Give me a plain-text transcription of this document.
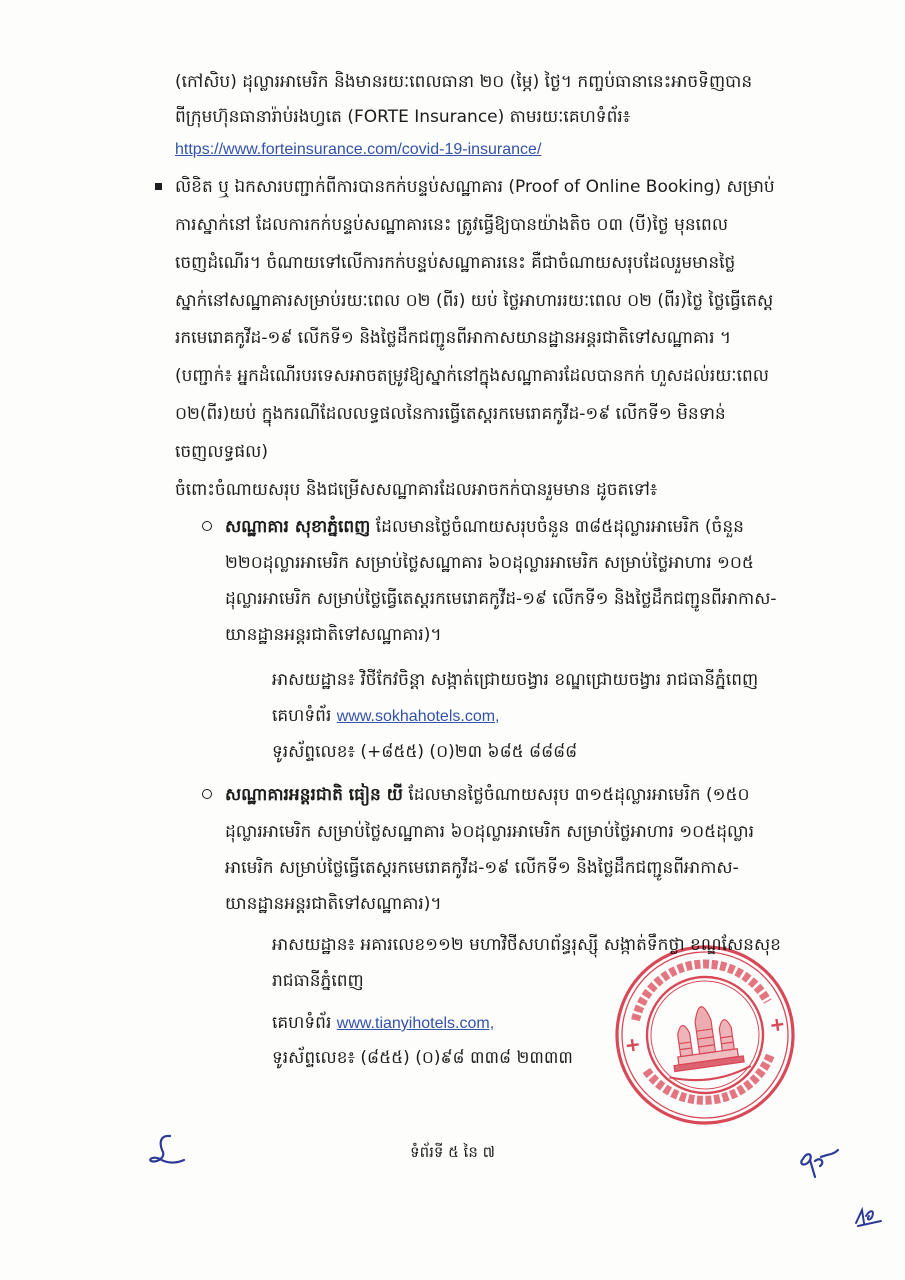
(កៅសិប) ដុល្លារអាមេរិក និងមានរយៈពេលធានា ២០ (ម្ភៃ) ថ្ងៃ។ កញ្ចប់ធានានេះអាចទិញបាន
ពីក្រុមហ៊ុនធានារ៉ាប់រងហ្វតេ (FORTE Insurance) តាមរយៈគេហទំព័រ៖
https://www.forteinsurance.com/covid-19-insurance/
លិខិត ឬ ឯកសារបញ្ជាក់ពីការបានកក់បន្ទប់សណ្ឋាគារ (Proof of Online Booking) សម្រាប់
ការស្នាក់នៅ ដែលការកក់បន្ទប់សណ្ឋាគារនេះ ត្រូវធ្វើឱ្យបានយ៉ាងតិច ០៣ (បី)ថ្ងៃ មុនពេល
ចេញដំណើរ។ ចំណាយទៅលើការកក់បន្ទប់សណ្ឋាគារនេះ គឺជាចំណាយសរុបដែលរួមមានថ្លៃ
ស្នាក់នៅសណ្ឋាគារសម្រាប់រយៈពេល ០២ (ពីរ) យប់ ថ្លៃអាហាររយៈពេល ០២ (ពីរ)ថ្ងៃ ថ្លៃធ្វើតេស្ត
រកមេរោគកូវីដ-១៩ លើកទី១ និងថ្លៃដឹកជញ្ជូនពីអាកាសយានដ្ឋានអន្តរជាតិទៅសណ្ឋាគារ ។
(បញ្ជាក់៖ អ្នកដំណើរបរទេសអាចតម្រូវឱ្យស្នាក់នៅក្នុងសណ្ឋាគារដែលបានកក់ ហួសដល់រយៈពេល
០២(ពីរ)យប់ ក្នុងករណីដែលលទ្ធផលនៃការធ្វើតេស្តរកមេរោគកូវីដ-១៩ លើកទី១ មិនទាន់
ចេញលទ្ធផល)
ចំពោះចំណាយសរុប និងជម្រើសសណ្ឋាគារដែលអាចកក់បានរួមមាន ដូចតទៅ៖
សណ្ឋាគារ សុខាភ្នំពេញ ដែលមានថ្លៃចំណាយសរុបចំនួន ៣៨៥ដុល្លារអាមេរិក (ចំនួន
២២០ដុល្លារអាមេរិក សម្រាប់ថ្លៃសណ្ឋាគារ ៦០ដុល្លារអាមេរិក សម្រាប់ថ្លៃអាហារ ១០៥
ដុល្លារអាមេរិក សម្រាប់ថ្លៃធ្វើតេស្តរកមេរោគកូវីដ-១៩ លើកទី១ និងថ្លៃដឹកជញ្ជូនពីអាកាស-
យានដ្ឋានអន្តរជាតិទៅសណ្ឋាគារ)។
អាសយដ្ឋាន៖ វិថីកែវចិន្តា សង្កាត់ជ្រោយចង្វារ ខណ្ឌជ្រោយចង្វារ រាជធានីភ្នំពេញ
គេហទំព័រ www.sokhahotels.com,
ទូរស័ព្ទលេខ៖ (+៨៥៥) (០)២៣ ៦៨៥ ៨៨៨៨
សណ្ឋាគារអន្តរជាតិ ធៀន យី ដែលមានថ្លៃចំណាយសរុប ៣១៥ដុល្លារអាមេរិក (១៥០
ដុល្លារអាមេរិក សម្រាប់ថ្លៃសណ្ឋាគារ ៦០ដុល្លារអាមេរិក សម្រាប់ថ្លៃអាហារ ១០៥ដុល្លារ
អាមេរិក សម្រាប់ថ្លៃធ្វើតេស្តរកមេរោគកូវីដ-១៩ លើកទី១ និងថ្លៃដឹកជញ្ជូនពីអាកាស-
យានដ្ឋានអន្តរជាតិទៅសណ្ឋាគារ)។
អាសយដ្ឋាន៖ អគារលេខ១១២ មហាវិថីសហព័ន្ធរុស្ស៊ី សង្កាត់ទឹកថ្លា ខណ្ឌសែនសុខ
រាជធានីភ្នំពេញ
គេហទំព័រ www.tianyihotels.com,
ទូរស័ព្ទលេខ៖ (៨៥៥) (០)៩៨ ៣៣៨ ២៣៣៣
ទំព័រទី ៥ នៃ ៧
